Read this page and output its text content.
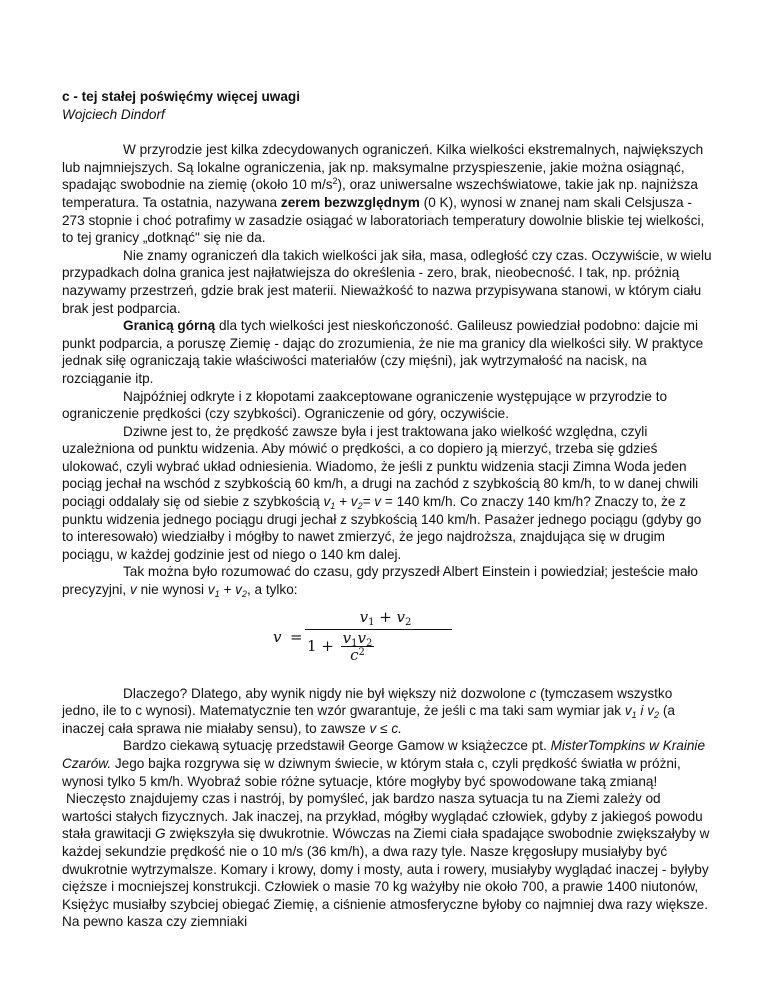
c - tej stałej poświęćmy więcej uwagi
Wojciech Dindorf

W przyrodzie jest kilka zdecydowanych ograniczeń. Kilka wielkości ekstremalnych, największych lub najmniejszych. Są lokalne ograniczenia, jak np. maksymalne przyspieszenie, jakie można osiągnąć, spadając swobodnie na ziemię (około 10 $m/s^2$), oraz uniwersalne wszechświatowe, takie jak np. najniższa temperatura. Ta ostatnia, nazywana zerem bezwzględnym (0 K), wynosi w znanej nam skali Celsjusza - 273 stopnie i choć potrafimy w zasadzie osiągać w laboratoriach temperatury dowolnie bliskie tej wielkości, to tej granicy „dotknąć" się nie da.

Nie znamy ograniczeń dla takich wielkości jak siła, masa, odległość czy czas. Oczywiście, w wielu przypadkach dolna granica jest najłatwiejsza do określenia - zero, brak, nieobecność. I tak, np. próżnią nazywamy przestrzeń, gdzie brak jest materii. Nieważkość to nazwa przypisywana stanowi, w którym ciału brak jest podparcia.

Granicą górną dla tych wielkości jest nieskończoność. Galileusz powiedział podobno: dajcie mi punkt podparcia, a poruszę Ziemię - dając do zrozumienia, że nie ma granicy dla wielkości siły. W praktyce jednak siłę ograniczają takie właściwości materiałów (czy mięśni), jak wytrzymałość na nacisk, na rozciąganie itp.

Najpóźniej odkryte i z kłopotami zaakceptowane ograniczenie występujące w przyrodzie to ograniczenie prędkości (czy szybkości). Ograniczenie od góry, oczywiście.

Dziwne jest to, że prędkość zawsze była i jest traktowana jako wielkość względna, czyli uzależniona od punktu widzenia. Aby mówić o prędkości, a co dopiero ją mierzyć, trzeba się gdzieś ulokować, czyli wybrać układ odniesienia. Wiadomo, że jeśli z punktu widzenia stacji Zimna Woda jeden pociąg jechał na wschód z szybkością 60 km/h, a drugi na zachód z szybkością 80 km/h, to w danej chwili pociągi oddalały się od siebie z szybkością $v_1 + v_2= v = 140$ km/h. Co znaczy 140 km/h? Znaczy to, że z punktu widzenia jednego pociągu drugi jechał z szybkością 140 km/h. Pasażer jednego pociągu (gdyby go to interesowało) wiedziałby i mógłby to nawet zmierzyć, że jego najdroższa, znajdująca się w drugim pociągu, w każdej godzinie jest od niego o 140 km dalej.

Tak można było rozumować do czasu, gdy przyszedł Albert Einstein i powiedział; jesteście mało precyzyjni, v nie wynosi $v_1 + v_2$, a tylko:

v =
$v_1 + v_2$
$1 + \frac{v_1v_2}{c^2}$

Dlaczego? Dlatego, aby wynik nigdy nie był większy niż dozwolone c (tymczasem wszystko jedno, ile to c wynosi). Matematycznie ten wzór gwarantuje, że jeśli c ma taki sam wymiar jak $v_1$ i $v_2$ (a inaczej cała sprawa nie miałaby sensu), to zawsze v ≤ c.

Bardzo ciekawą sytuację przedstawił George Gamow w książeczce pt. MisterTompkins w Krainie Czarów. Jego bajka rozgrywa się w dziwnym świecie, w którym stała c, czyli prędkość światła w próżni, wynosi tylko 5 km/h. Wyobraź sobie różne sytuacje, które mogłyby być spowodowane taką zmianą!

Nieczęsto znajdujemy czas i nastrój, by pomyśleć, jak bardzo nasza sytuacja tu na Ziemi zależy od wartości stałych fizycznych. Jak inaczej, na przykład, mógłby wyglądać człowiek, gdyby z jakiegoś powodu stała grawitacji G zwiększyła się dwukrotnie. Wówczas na Ziemi ciała spadające swobodnie zwiększałyby w każdej sekundzie prędkość nie o 10 m/s (36 km/h), a dwa razy tyle. Nasze kręgosłupy musiałyby być dwukrotnie wytrzymalsze. Komary i krowy, domy i mosty, auta i rowery, musiałyby wyglądać inaczej - byłyby cięższe i mocniejszej konstrukcji. Człowiek o masie 70 kg ważyłby nie około 700, a prawie 1400 niutonów, Księżyc musiałby szybciej obiegać Ziemię, a ciśnienie atmosferyczne byłoby co najmniej dwa razy większe. Na pewno kasza czy ziemniaki
